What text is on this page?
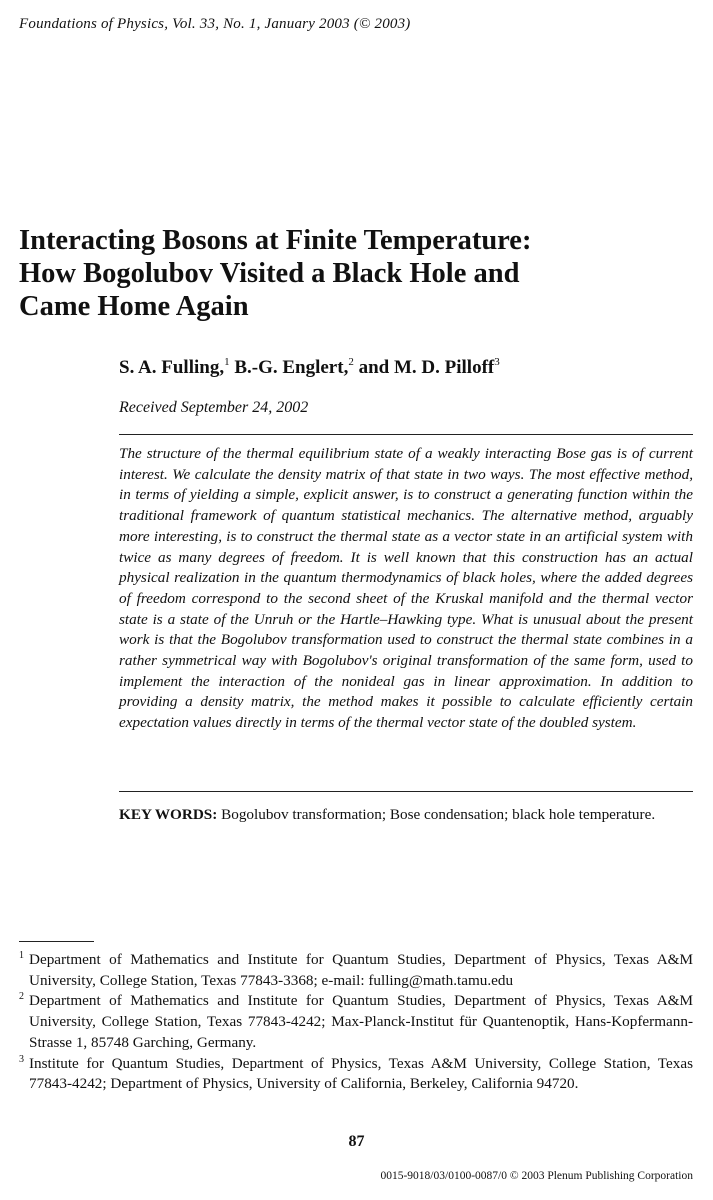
Foundations of Physics, Vol. 33, No. 1, January 2003 (© 2003)
Interacting Bosons at Finite Temperature:
How Bogolubov Visited a Black Hole and
Came Home Again
S. A. Fulling,$^1$ B.-G. Englert,$^2$ and M. D. Pilloff$^3$
Received September 24, 2002

The structure of the thermal equilibrium state of a weakly interacting Bose gas is of current interest. We calculate the density matrix of that state in two ways. The most effective method, in terms of yielding a simple, explicit answer, is to construct a generating function within the traditional framework of quantum statistical mechanics. The alternative method, arguably more interesting, is to construct the thermal state as a vector state in an artificial system with twice as many degrees of freedom. It is well known that this construction has an actual physical realization in the quantum thermodynamics of black holes, where the added degrees of freedom correspond to the second sheet of the Kruskal manifold and the thermal vector state is a state of the Unruh or the Hartle–Hawking type. What is unusual about the present work is that the Bogolubov transformation used to construct the thermal state combines in a rather symmetrical way with Bogolubov's original transformation of the same form, used to implement the interaction of the nonideal gas in linear approximation. In addition to providing a density matrix, the method makes it possible to calculate efficiently certain expectation values directly in terms of the thermal vector state of the doubled system.

KEY WORDS: Bogolubov transformation; Bose condensation; black hole temperature.

1 Department of Mathematics and Institute for Quantum Studies, Department of Physics, Texas A&M University, College Station, Texas 77843-3368; e-mail: fulling@math.tamu.edu

2 Department of Mathematics and Institute for Quantum Studies, Department of Physics, Texas A&M University, College Station, Texas 77843-4242; Max-Planck-Institut für Quantenoptik, Hans-Kopfermann-Strasse 1, 85748 Garching, Germany.

3 Institute for Quantum Studies, Department of Physics, Texas A&M University, College Station, Texas 77843-4242; Department of Physics, University of California, Berkeley, California 94720.

87
0015-9018/03/0100-0087/0 © 2003 Plenum Publishing Corporation
